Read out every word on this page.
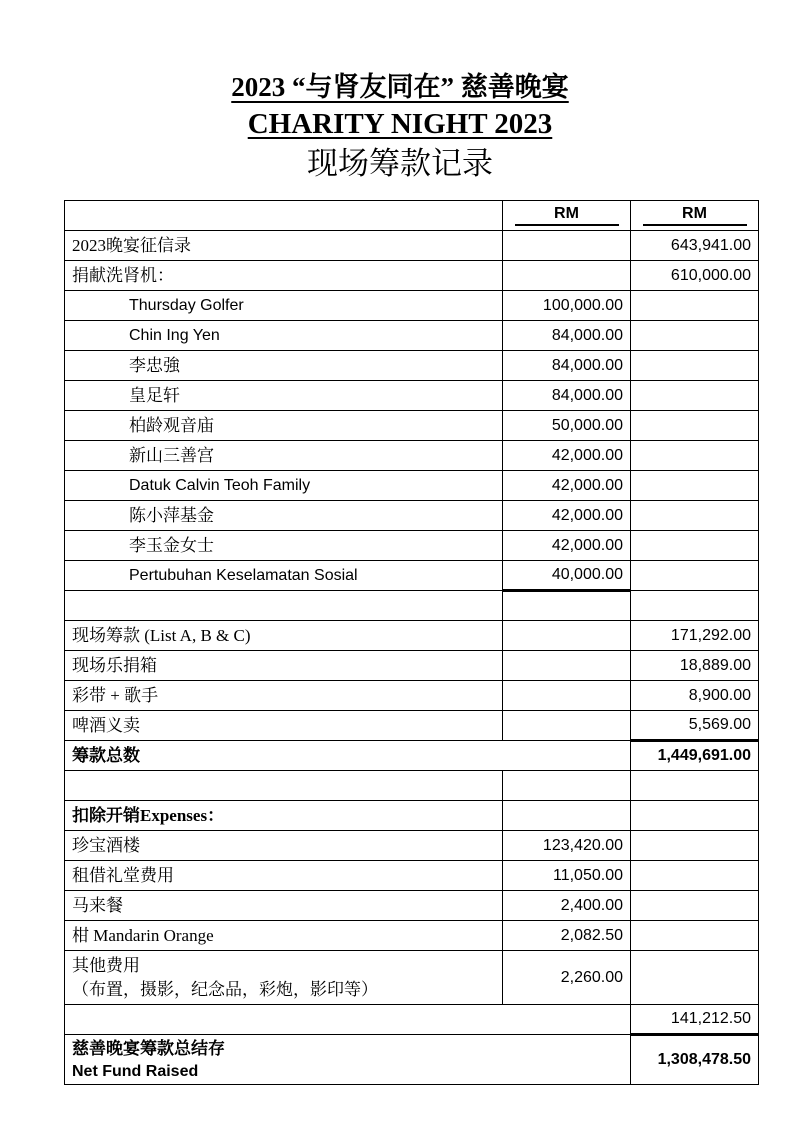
2023 “与肾友同在” 慈善晚宴
CHARITY NIGHT 2023
现场筹款记录
	RM	RM
2023晚宴征信录		643,941.00
捐献洗肾机：		610,000.00
Thursday Golfer	100,000.00	
Chin Ing Yen	84,000.00	
李忠強	84,000.00	
皇足轩	84,000.00	
柏龄观音庙	50,000.00	
新山三善宫	42,000.00	
Datuk Calvin Teoh Family	42,000.00	
陈小萍基金	42,000.00	
李玉金女士	42,000.00	
Pertubuhan Keselamatan Sosial	40,000.00	

现场筹款 (List A, B & C)		171,292.00
现场乐捐箱		18,889.00
彩带 + 歌手		8,900.00
啤酒义卖		5,569.00
筹款总数		1,449,691.00

扣除开销Expenses：		
珍宝酒楼	123,420.00	
租借礼堂费用	11,050.00	
马来餐	2,400.00	
柑 Mandarin Orange	2,082.50	

其他费用
（布置，摄影，纪念品，彩炮，影印等）	2,260.00	
		141,212.50

慈善晚宴筹款总结存
Net Fund Raised		1,308,478.50
